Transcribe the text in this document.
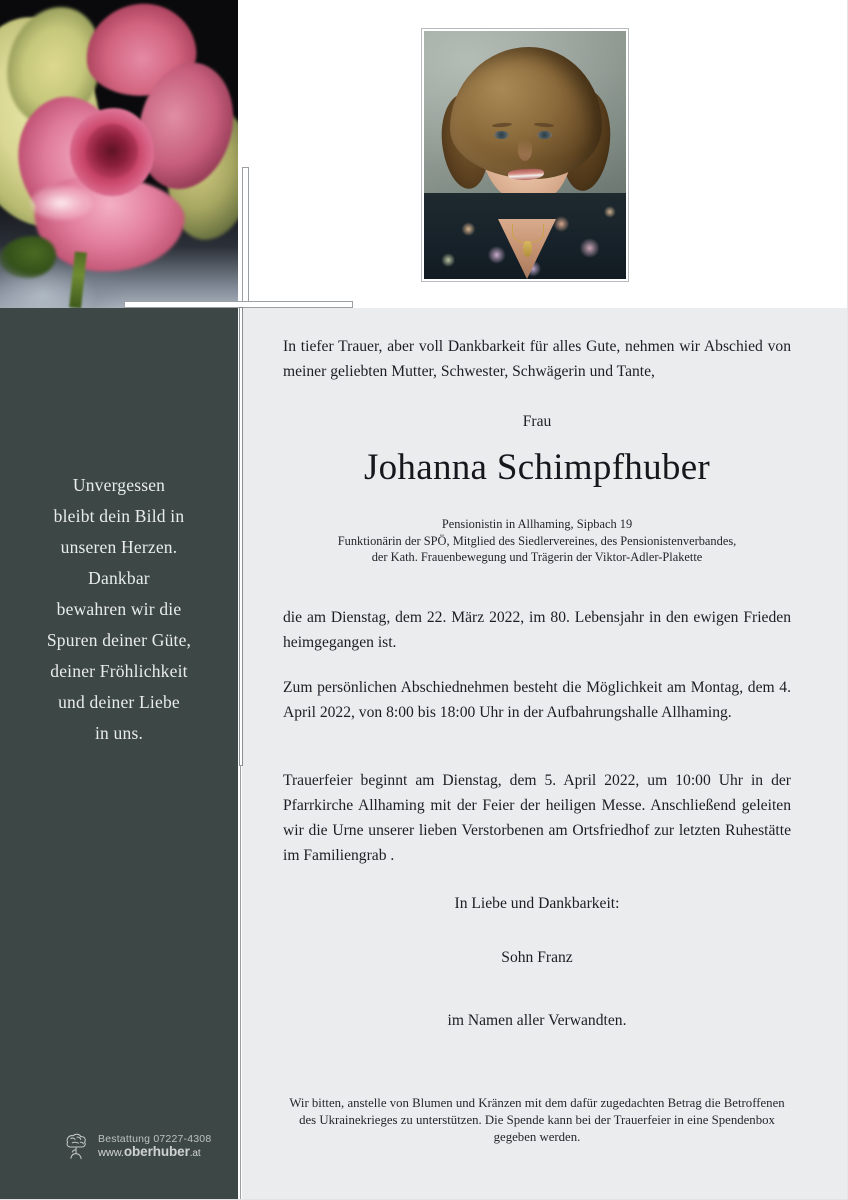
Unvergessen
bleibt dein Bild in
unseren Herzen.
Dankbar
bewahren wir die
Spuren deiner Güte,
deiner Fröhlichkeit
und deiner Liebe
in uns.
Bestattung 07227-4308
www.oberhuber.at

In tiefer Trauer, aber voll Dankbarkeit für alles Gute, nehmen wir Abschied von meiner geliebten Mutter, Schwester, Schwägerin und Tante,

Frau

Johanna Schimpfhuber
Pensionistin in Allhaming, Sipbach 19
Funktionärin der SPÖ, Mitglied des Siedlervereines, des Pensionistenverbandes,
der Kath. Frauenbewegung und Trägerin der Viktor-Adler-Plakette

die am Dienstag, dem 22. März 2022, im 80. Lebensjahr in den ewigen Frieden heimgegangen ist.

Zum persönlichen Abschiednehmen besteht die Möglichkeit am Montag, dem 4. April 2022, von 8:00 bis 18:00 Uhr in der Aufbahrungshalle Allhaming.

Trauerfeier beginnt am Dienstag, dem 5. April 2022, um 10:00 Uhr in der Pfarrkirche Allhaming mit der Feier der heiligen Messe. Anschließend geleiten wir die Urne unserer lieben Verstorbenen am Ortsfriedhof zur letzten Ruhestätte im Familiengrab .

In Liebe und Dankbarkeit:

Sohn Franz

im Namen aller Verwandten.

Wir bitten, anstelle von Blumen und Kränzen mit dem dafür zugedachten Betrag die Betroffenen des Ukrainekrieges zu unterstützen. Die Spende kann bei der Trauerfeier in eine Spendenbox gegeben werden.
